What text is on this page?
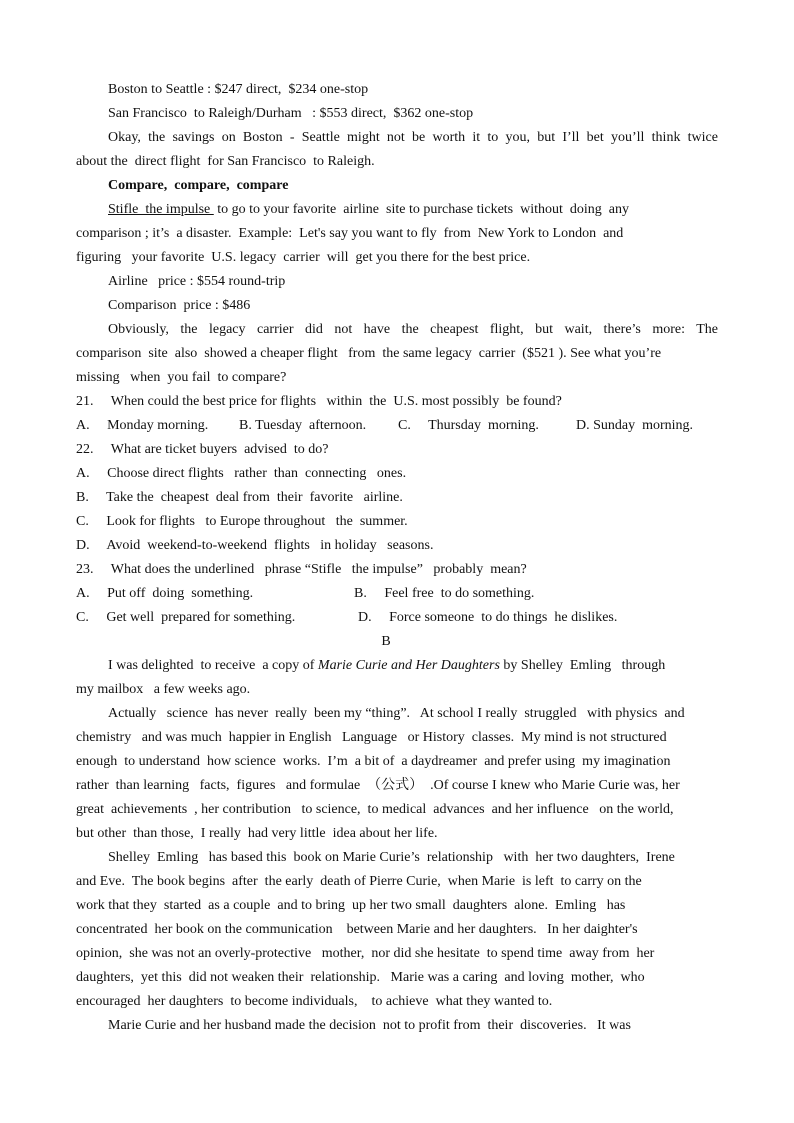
Boston to Seattle : $247 direct,  $234 one-stop
San Francisco  to Raleigh/Durham   : $553 direct,  $362 one-stop
Okay, the savings on Boston - Seattle might not be worth it to you, but I’ll bet you’ll think twice
about the  direct flight  for San Francisco  to Raleigh.
Compare,  compare,  compare
Stifle  the impulse  to go to your favorite  airline  site to purchase tickets  without  doing  any
comparison ; it’s  a disaster.  Example:  Let's say you want to fly  from  New York to London  and
figuring   your favorite  U.S. legacy  carrier  will  get you there for the best price.
Airline   price : $554 round-trip
Comparison  price : $486
Obviously, the legacy carrier did not have the cheapest flight, but wait, there’s more: The
comparison  site  also  showed a cheaper flight   from  the same legacy  carrier  ($521 ). See what you’re
missing   when  you fail  to compare?
21.     When could the best price for flights   within  the  U.S. most possibly  be found?
A.     Monday morning. B. Tuesday  afternoon. C.     Thursday  morning.	D. Sunday  morning.
22.     What are ticket buyers  advised  to do?
A.     Choose direct flights   rather  than  connecting   ones.
B.     Take the  cheapest  deal from  their  favorite   airline.
C.     Look for flights   to Europe throughout   the  summer.
D.     Avoid  weekend-to-weekend  flights   in holiday   seasons.
23.     What does the underlined   phrase “Stifle   the impulse”   probably  mean?
A.     Put off  doing  something.	B.     Feel free  to do something.
C.     Get well  prepared for something.	D.     Force someone  to do things  he dislikes.
B
I was delighted  to receive  a copy of Marie Curie and Her Daughters by Shelley  Emling   through
my mailbox   a few weeks ago.
Actually   science  has never  really  been my “thing”.   At school I really  struggled   with physics  and
chemistry   and was much  happier in English   Language   or History  classes.  My mind is not structured
enough  to understand  how science  works.  I’m  a bit of  a daydreamer  and prefer using  my imagination
rather  than learning   facts,  figures   and formulae  （公式）  .Of course I knew who Marie Curie was, her
great  achievements  , her contribution   to science,  to medical  advances  and her influence   on the world,
but other  than those,  I really  had very little  idea about her life.
Shelley  Emling   has based this  book on Marie Curie’s  relationship   with  her two daughters,  Irene
and Eve.  The book begins  after  the early  death of Pierre Curie,  when Marie  is left  to carry on the
work that they  started  as a couple  and to bring  up her two small  daughters  alone.  Emling   has
concentrated  her book on the communication    between Marie and her daughters.   In her daighter's
opinion,  she was not an overly-protective   mother,  nor did she hesitate  to spend time  away from  her
daughters,  yet this  did not weaken their  relationship.   Marie was a caring  and loving  mother,  who
encouraged  her daughters  to become individuals,    to achieve  what they wanted to.
Marie Curie and her husband made the decision  not to profit from  their  discoveries.   It was
